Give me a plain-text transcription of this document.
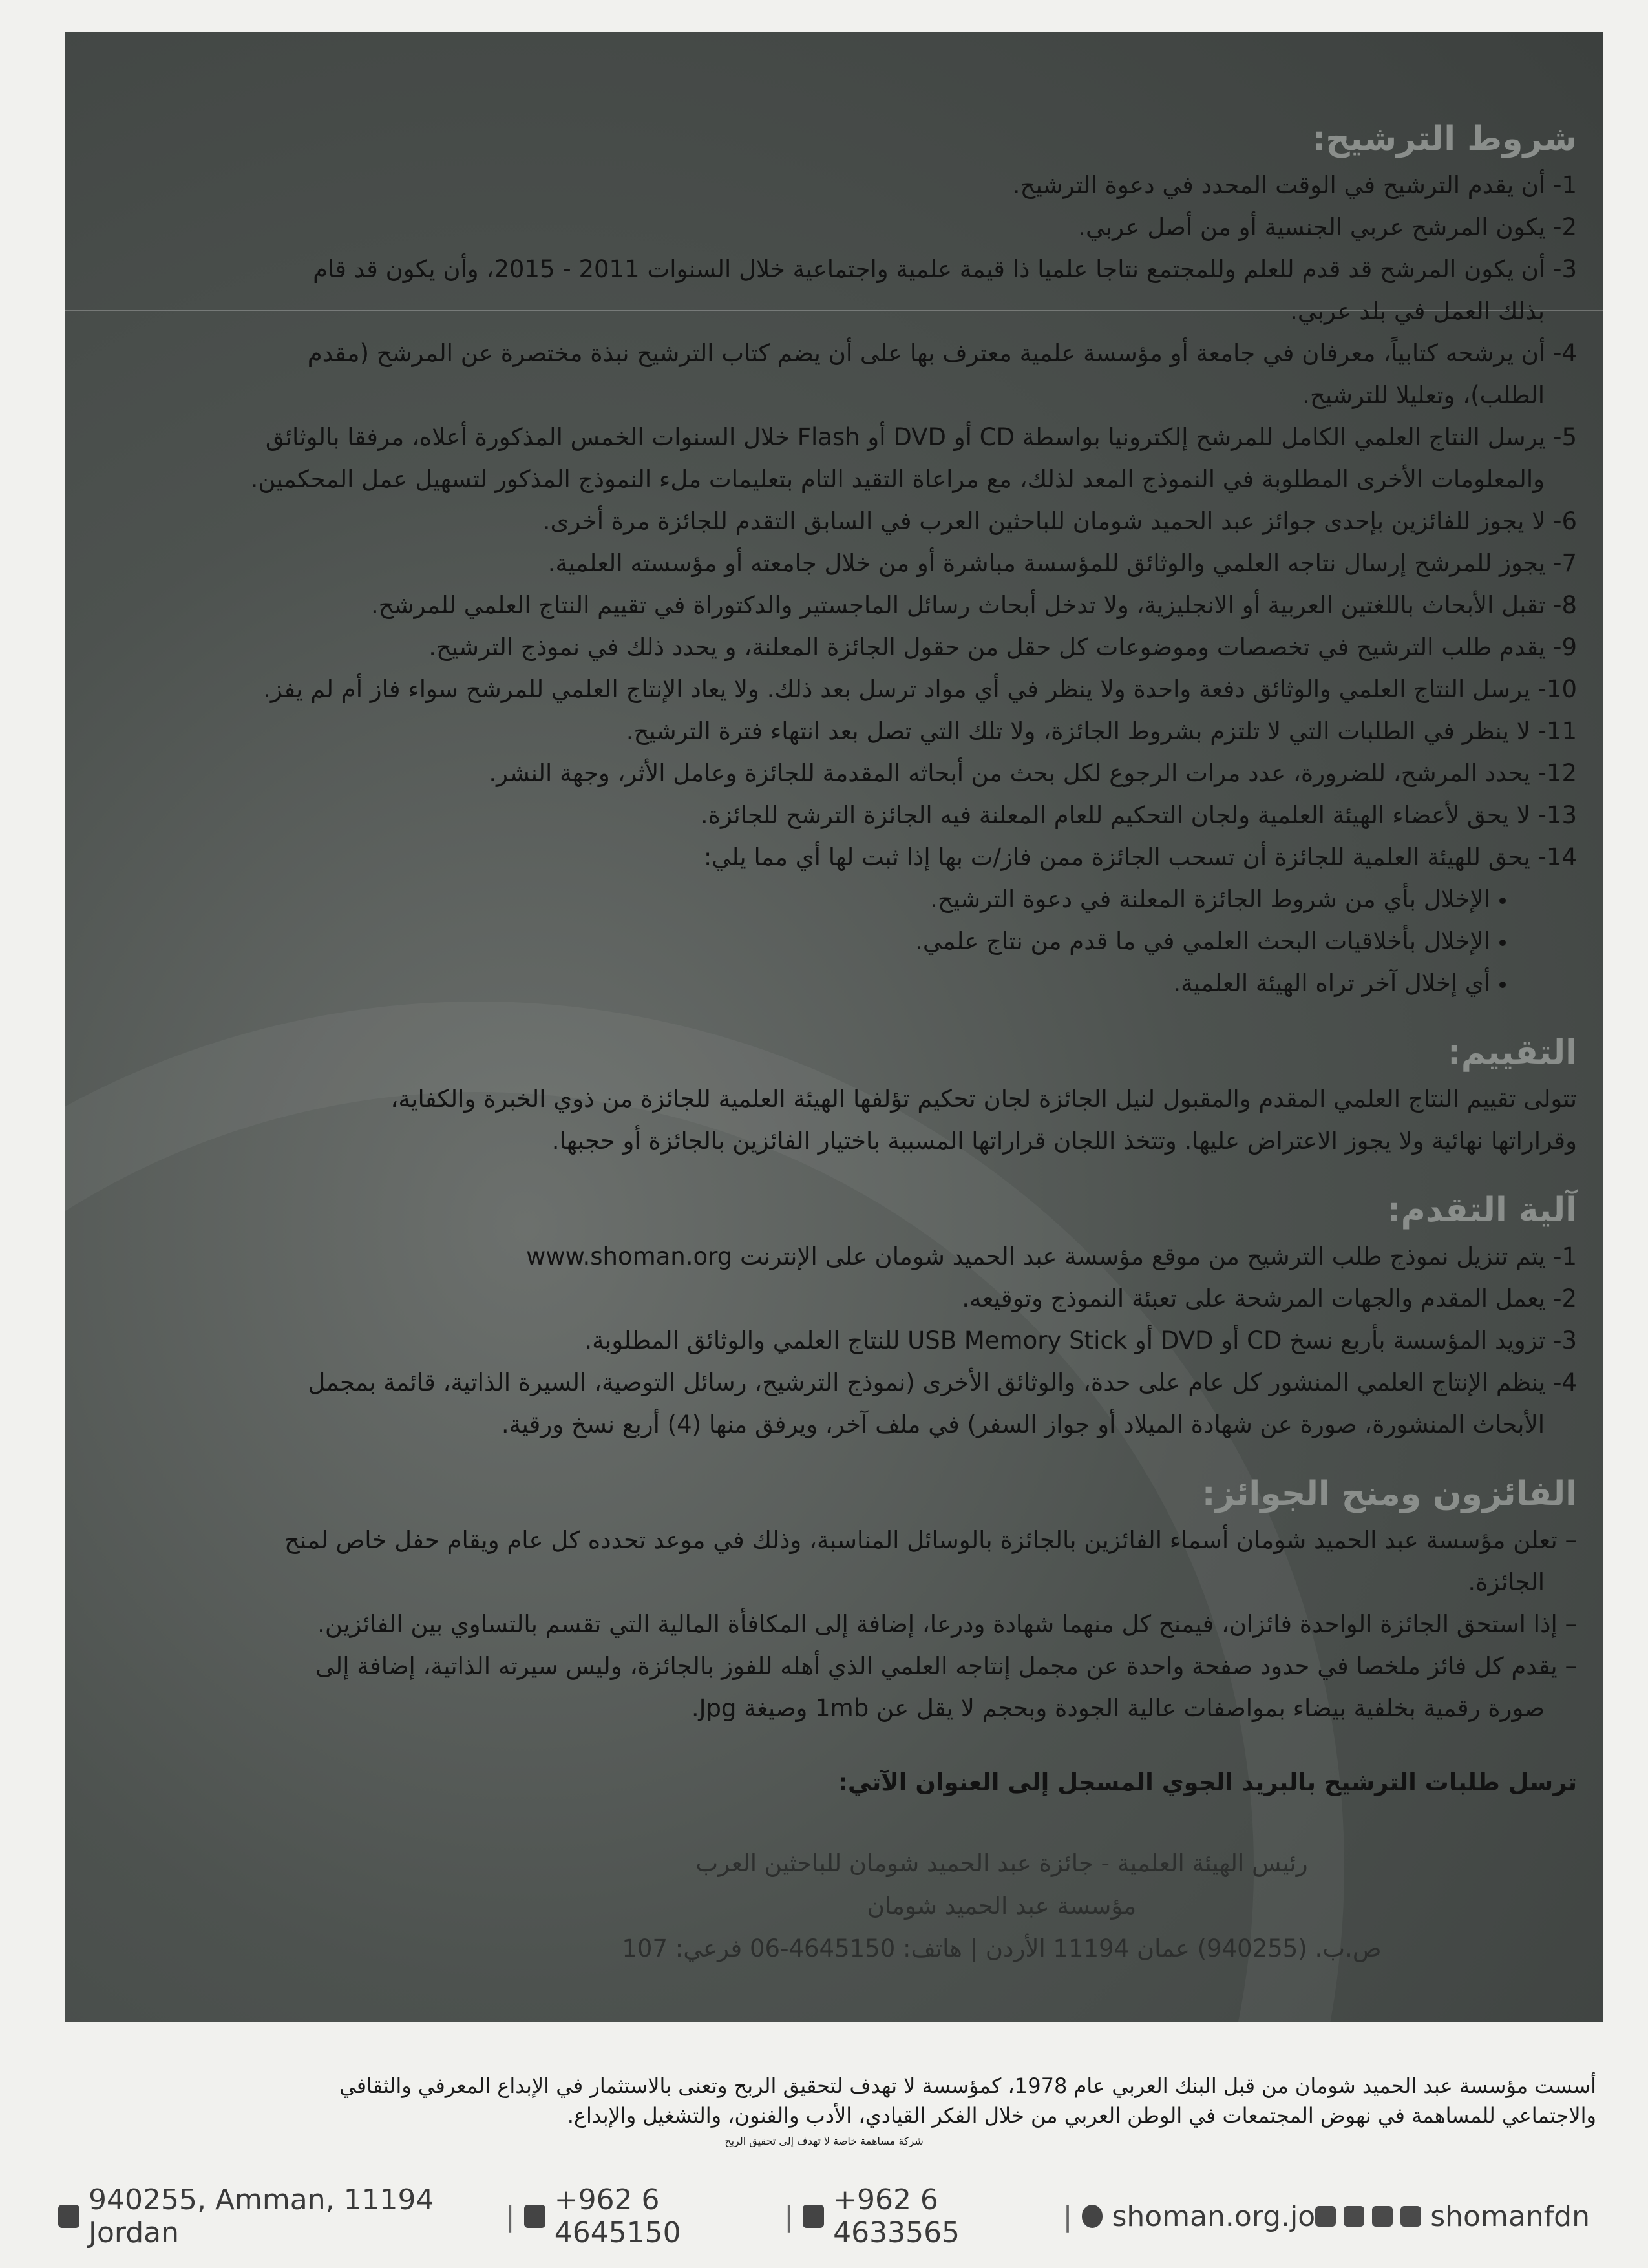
شروط الترشيح:
1- أن يقدم الترشيح في الوقت المحدد في دعوة الترشيح.
2- يكون المرشح عربي الجنسية أو من أصل عربي.
3- أن يكون المرشح قد قدم للعلم وللمجتمع نتاجا علميا ذا قيمة علمية واجتماعية خلال السنوات 2011 - 2015، وأن يكون قد قام
بذلك العمل في بلد عربي.
4- أن يرشحه كتابياً، معرفان في جامعة أو مؤسسة علمية معترف بها على أن يضم كتاب الترشيح نبذة مختصرة عن المرشح (مقدم
الطلب)، وتعليلا للترشيح.
5- يرسل النتاج العلمي الكامل للمرشح إلكترونيا بواسطة CD أو DVD أو Flash خلال السنوات الخمس المذكورة أعلاه، مرفقا بالوثائق
والمعلومات الأخرى المطلوبة في النموذج المعد لذلك، مع مراعاة التقيد التام بتعليمات ملء النموذج المذكور لتسهيل عمل المحكمين.
6- لا يجوز للفائزين بإحدى جوائز عبد الحميد شومان للباحثين العرب في السابق التقدم للجائزة مرة أخرى.
7- يجوز للمرشح إرسال نتاجه العلمي والوثائق للمؤسسة مباشرة أو من خلال جامعته أو مؤسسته العلمية.
8- تقبل الأبحاث باللغتين العربية أو الانجليزية، ولا تدخل أبحاث رسائل الماجستير والدكتوراة في تقييم النتاج العلمي للمرشح.
9- يقدم طلب الترشيح في تخصصات وموضوعات كل حقل من حقول الجائزة المعلنة، و يحدد ذلك في نموذج الترشيح.
10- يرسل النتاج العلمي والوثائق دفعة واحدة ولا ينظر في أي مواد ترسل بعد ذلك. ولا يعاد الإنتاج العلمي للمرشح سواء فاز أم لم يفز.
11- لا ينظر في الطلبات التي لا تلتزم بشروط الجائزة، ولا تلك التي تصل بعد انتهاء فترة الترشيح.
12- يحدد المرشح، للضرورة، عدد مرات الرجوع لكل بحث من أبحاثه المقدمة للجائزة وعامل الأثر، وجهة النشر.
13- لا يحق لأعضاء الهيئة العلمية ولجان التحكيم للعام المعلنة فيه الجائزة الترشح للجائزة.
14- يحق للهيئة العلمية للجائزة أن تسحب الجائزة ممن فاز/ت بها إذا ثبت لها أي مما يلي:
الإخلال بأي من شروط الجائزة المعلنة في دعوة الترشيح.
الإخلال بأخلاقيات البحث العلمي في ما قدم من نتاج علمي.
أي إخلال آخر تراه الهيئة العلمية.
التقييم:
تتولى تقييم النتاج العلمي المقدم والمقبول لنيل الجائزة لجان تحكيم تؤلفها الهيئة العلمية للجائزة من ذوي الخبرة والكفاية،
وقراراتها نهائية ولا يجوز الاعتراض عليها. وتتخذ اللجان قراراتها المسببة باختيار الفائزين بالجائزة أو حجبها.
آلية التقدم:
1- يتم تنزيل نموذج طلب الترشيح من موقع مؤسسة عبد الحميد شومان على الإنترنت www.shoman.org
2- يعمل المقدم والجهات المرشحة على تعبئة النموذج وتوقيعه.
3- تزويد المؤسسة بأربع نسخ CD أو DVD أو USB Memory Stick للنتاج العلمي والوثائق المطلوبة.
4- ينظم الإنتاج العلمي المنشور كل عام على حدة، والوثائق الأخرى (نموذج الترشيح، رسائل التوصية، السيرة الذاتية، قائمة بمجمل
الأبحاث المنشورة، صورة عن شهادة الميلاد أو جواز السفر) في ملف آخر، ويرفق منها (4) أربع نسخ ورقية.
الفائزون ومنح الجوائز:
– تعلن مؤسسة عبد الحميد شومان أسماء الفائزين بالجائزة بالوسائل المناسبة، وذلك في موعد تحدده كل عام ويقام حفل خاص لمنح
الجائزة.
– إذا استحق الجائزة الواحدة فائزان، فيمنح كل منهما شهادة ودرعا، إضافة إلى المكافأة المالية التي تقسم بالتساوي بين الفائزين.
– يقدم كل فائز ملخصا في حدود صفحة واحدة عن مجمل إنتاجه العلمي الذي أهله للفوز بالجائزة، وليس سيرته الذاتية، إضافة إلى
صورة رقمية بخلفية بيضاء بمواصفات عالية الجودة وبحجم لا يقل عن 1mb وصيغة Jpg.
ترسل طلبات الترشيح بالبريد الجوي المسجل إلى العنوان الآتي:
رئيس الهيئة العلمية - جائزة عبد الحميد شومان للباحثين العرب
مؤسسة عبد الحميد شومان
ص.ب. (940255) عمان 11194 الأردن | هاتف: 4645150-06 فرعي: 107
أسست مؤسسة عبد الحميد شومان من قبل البنك العربي عام 1978، كمؤسسة لا تهدف لتحقيق الربح وتعنى بالاستثمار في الإبداع المعرفي والثقافي
والاجتماعي للمساهمة في نهوض المجتمعات في الوطن العربي من خلال الفكر القيادي، الأدب والفنون، والتشغيل والإبداع.
شركة مساهمة خاصة لا تهدف إلى تحقيق الربح
940255, Amman, 11194 Jordan	| +962 6 4645150	| +962 6 4633565	| shoman.org.jo	shomanfdn
